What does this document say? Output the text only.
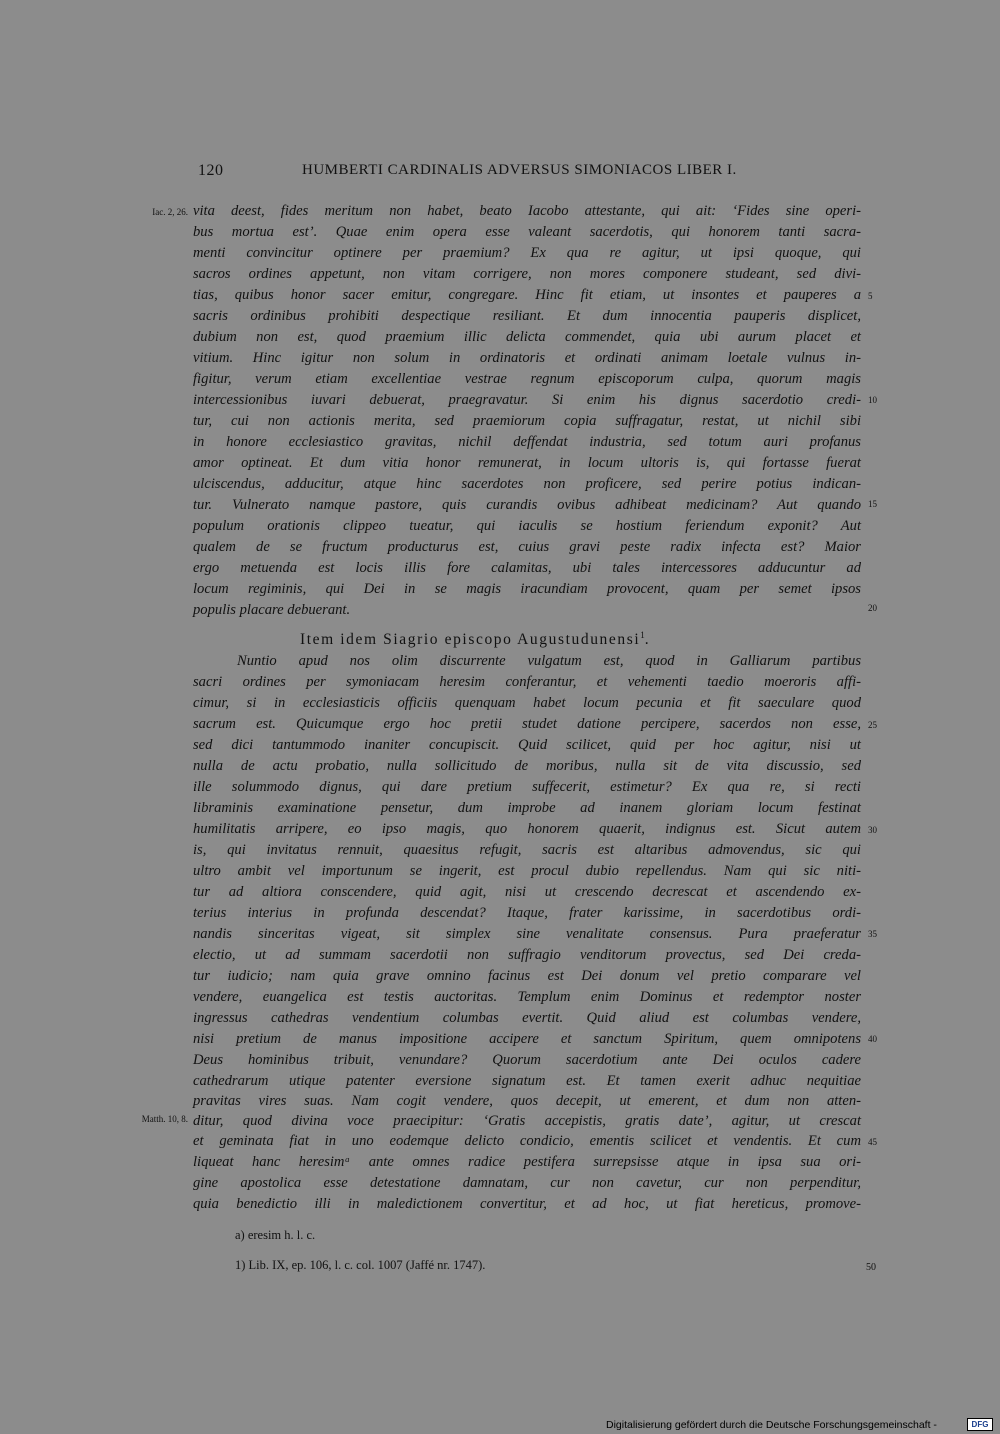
120	HUMBERTI CARDINALIS ADVERSUS SIMONIACOS LIBER I.
Iac. 2, 26.
Matth. 10, 8.
vita deest, fides meritum non habet, beato Iacobo attestante, qui ait: ‘Fides sine operi-
bus mortua est’. Quae enim opera esse valeant sacerdotis, qui honorem tanti sacra-
menti convincitur optinere per praemium? Ex qua re agitur, ut ipsi quoque, qui
sacros ordines appetunt, non vitam corrigere, non mores componere studeant, sed divi-
tias, quibus honor sacer emitur, congregare. Hinc fit etiam, ut insontes et pauperes a
sacris ordinibus prohibiti despectique resiliant. Et dum innocentia pauperis displicet,
dubium non est, quod praemium illic delicta commendet, quia ubi aurum placet et
vitium. Hinc igitur non solum in ordinatoris et ordinati animam loetale vulnus in-
figitur, verum etiam excellentiae vestrae regnum episcoporum culpa, quorum magis
intercessionibus iuvari debuerat, praegravatur. Si enim his dignus sacerdotio credi-
tur, cui non actionis merita, sed praemiorum copia suffragatur, restat, ut nichil sibi
in honore ecclesiastico gravitas, nichil deffendat industria, sed totum auri profanus
amor optineat. Et dum vitia honor remunerat, in locum ultoris is, qui fortasse fuerat
ulciscendus, adducitur, atque hinc sacerdotes non proficere, sed perire potius indican-
tur. Vulnerato namque pastore, quis curandis ovibus adhibeat medicinam? Aut quando
populum orationis clippeo tueatur, qui iaculis se hostium feriendum exponit? Aut
qualem de se fructum producturus est, cuius gravi peste radix infecta est? Maior
ergo metuenda est locis illis fore calamitas, ubi tales intercessores adducuntur ad
locum regiminis, qui Dei in se magis iracundiam provocent, quam per semet ipsos
populis placare debuerant.
Item idem Siagrio episcopo Augustudunensi$^1$.
Nuntio apud nos olim discurrente vulgatum est, quod in Galliarum partibus
sacri ordines per symoniacam heresim conferantur, et vehementi taedio moeroris affi-
cimur, si in ecclesiasticis officiis quenquam habet locum pecunia et fit saeculare quod
sacrum est. Quicumque ergo hoc pretii studet datione percipere, sacerdos non esse,
sed dici tantummodo inaniter concupiscit. Quid scilicet, quid per hoc agitur, nisi ut
nulla de actu probatio, nulla sollicitudo de moribus, nulla sit de vita discussio, sed
ille solummodo dignus, qui dare pretium suffecerit, estimetur? Ex qua re, si recti
libraminis examinatione pensetur, dum improbe ad inanem gloriam locum festinat
humilitatis arripere, eo ipso magis, quo honorem quaerit, indignus est. Sicut autem
is, qui invitatus rennuit, quaesitus refugit, sacris est altaribus admovendus, sic qui
ultro ambit vel importunum se ingerit, est procul dubio repellendus. Nam qui sic niti-
tur ad altiora conscendere, quid agit, nisi ut crescendo decrescat et ascendendo ex-
terius interius in profunda descendat? Itaque, frater karissime, in sacerdotibus ordi-
nandis sinceritas vigeat, sit simplex sine venalitate consensus. Pura praeferatur
electio, ut ad summam sacerdotii non suffragio venditorum provectus, sed Dei creda-
tur iudicio; nam quia grave omnino facinus est Dei donum vel pretio comparare vel
vendere, euangelica est testis auctoritas. Templum enim Dominus et redemptor noster
ingressus cathedras vendentium columbas evertit. Quid aliud est columbas vendere,
nisi pretium de manus impositione accipere et sanctum Spiritum, quem omnipotens
Deus hominibus tribuit, venundare? Quorum sacerdotium ante Dei oculos cadere
cathedrarum utique patenter eversione signatum est. Et tamen exerit adhuc nequitiae
pravitas vires suas. Nam cogit vendere, quos decepit, ut emerent, et dum non atten-
ditur, quod divina voce praecipitur: ‘Gratis accepistis, gratis date’, agitur, ut crescat
et geminata fiat in uno eodemque delicto condicio, ementis scilicet et vendentis. Et cum
liqueat hanc heresimᵃ ante omnes radice pestifera surrepsisse atque in ipsa sua ori-
gine apostolica esse detestatione damnatam, cur non cavetur, cur non perpenditur,
quia benedictio illi in maledictionem convertitur, et ad hoc, ut fiat hereticus, promove-
5
10
15
20
25
30
35
40
45
a) eresim h. l. c.
1) Lib. IX, ep. 106, l. c. col. 1007 (Jaffé nr. 1747).	50
Digitalisierung gefördert durch die Deutsche Forschungsgemeinschaft -	DFG
